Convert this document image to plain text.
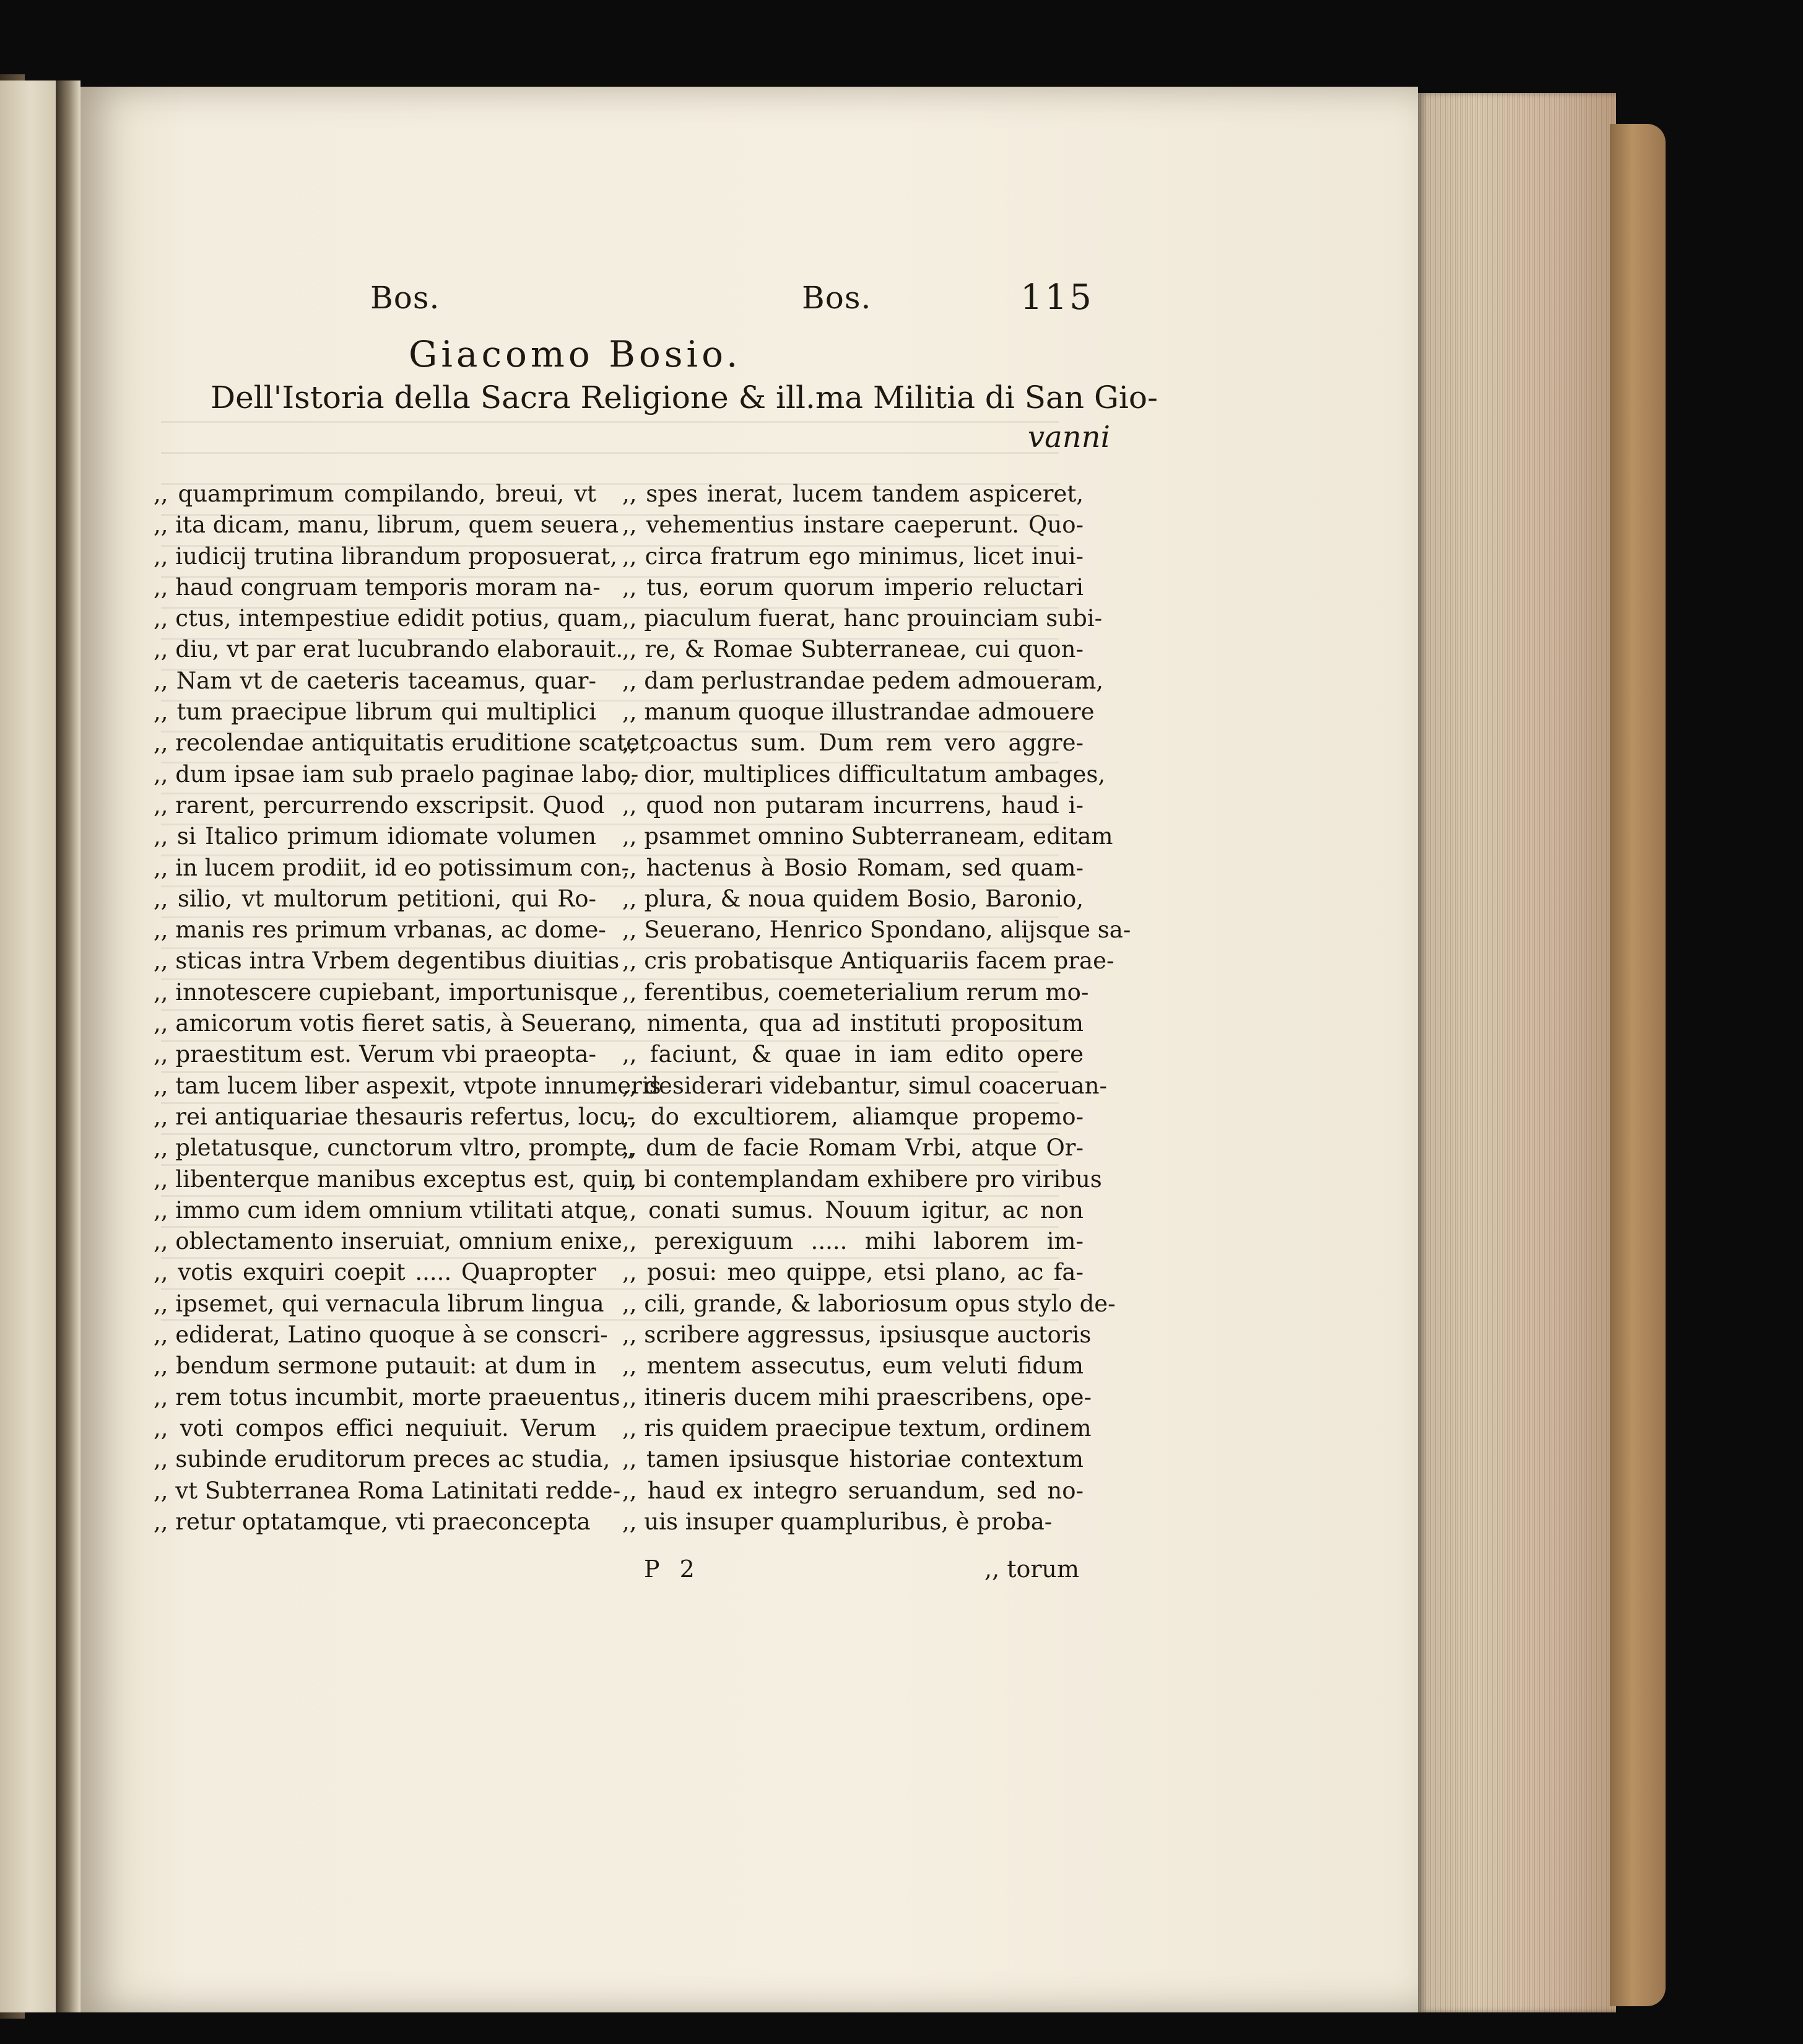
Bos.	Bos.	115
Giacomo Bosio.
Dell'Istoria della Sacra Religione & ill.ma Militia di San Gio-
vanni
,, quamprimum compilando, breui, vt
,, ita dicam, manu, librum, quem seuera
,, iudicij trutina librandum proposuerat,
,, haud congruam temporis moram na-
,, ctus, intempestiue edidit potius, quam
,, diu, vt par erat lucubrando elaborauit.
,, Nam vt de caeteris taceamus, quar-
,, tum praecipue librum qui multiplici
,, recolendae antiquitatis eruditione scatet,
,, dum ipsae iam sub praelo paginae labo-
,, rarent, percurrendo exscripsit. Quod
,, si Italico primum idiomate volumen
,, in lucem prodiit, id eo potissimum con-
,, silio, vt multorum petitioni, qui Ro-
,, manis res primum vrbanas, ac dome-
,, sticas intra Vrbem degentibus diuitias
,, innotescere cupiebant, importunisque
,, amicorum votis fieret satis, à Seuerano
,, praestitum est. Verum vbi praeopta-
,, tam lucem liber aspexit, vtpote innumeris
,, rei antiquariae thesauris refertus, locu-
,, pletatusque, cunctorum vltro, prompte,
,, libenterque manibus exceptus est, quin
,, immo cum idem omnium vtilitati atque
,, oblectamento inseruiat, omnium enixe
,, votis exquiri coepit ..... Quapropter
,, ipsemet, qui vernacula librum lingua
,, ediderat, Latino quoque à se conscri-
,, bendum sermone putauit: at dum in
,, rem totus incumbit, morte praeuentus
,, voti compos effici nequiuit. Verum
,, subinde eruditorum preces ac studia,
,, vt Subterranea Roma Latinitati redde-
,, retur optatamque, vti praeconcepta
,, spes inerat, lucem tandem aspiceret,
,, vehementius instare caeperunt. Quo-
,, circa fratrum ego minimus, licet inui-
,, tus, eorum quorum imperio reluctari
,, piaculum fuerat, hanc prouinciam subi-
,, re, & Romae Subterraneae, cui quon-
,, dam perlustrandae pedem admoueram,
,, manum quoque illustrandae admouere
,, coactus sum. Dum rem vero aggre-
,, dior, multiplices difficultatum ambages,
,, quod non putaram incurrens, haud i-
,, psammet omnino Subterraneam, editam
,, hactenus à Bosio Romam, sed quam-
,, plura, & noua quidem Bosio, Baronio,
,, Seuerano, Henrico Spondano, alijsque sa-
,, cris probatisque Antiquariis facem prae-
,, ferentibus, coemeterialium rerum mo-
,, nimenta, qua ad instituti propositum
,, faciunt, & quae in iam edito opere
,, desiderari videbantur, simul coaceruan-
,, do excultiorem, aliamque propemo-
,, dum de facie Romam Vrbi, atque Or-
,, bi contemplandam exhibere pro viribus
,, conati sumus. Nouum igitur, ac non
,, perexiguum ..... mihi laborem im-
,, posui: meo quippe, etsi plano, ac fa-
,, cili, grande, & laboriosum opus stylo de-
,, scribere aggressus, ipsiusque auctoris
,, mentem assecutus, eum veluti fidum
,, itineris ducem mihi praescribens, ope-
,, ris quidem praecipue textum, ordinem
,, tamen ipsiusque historiae contextum
,, haud ex integro seruandum, sed no-
,, uis insuper quampluribus, è proba-
P 2	,, torum
